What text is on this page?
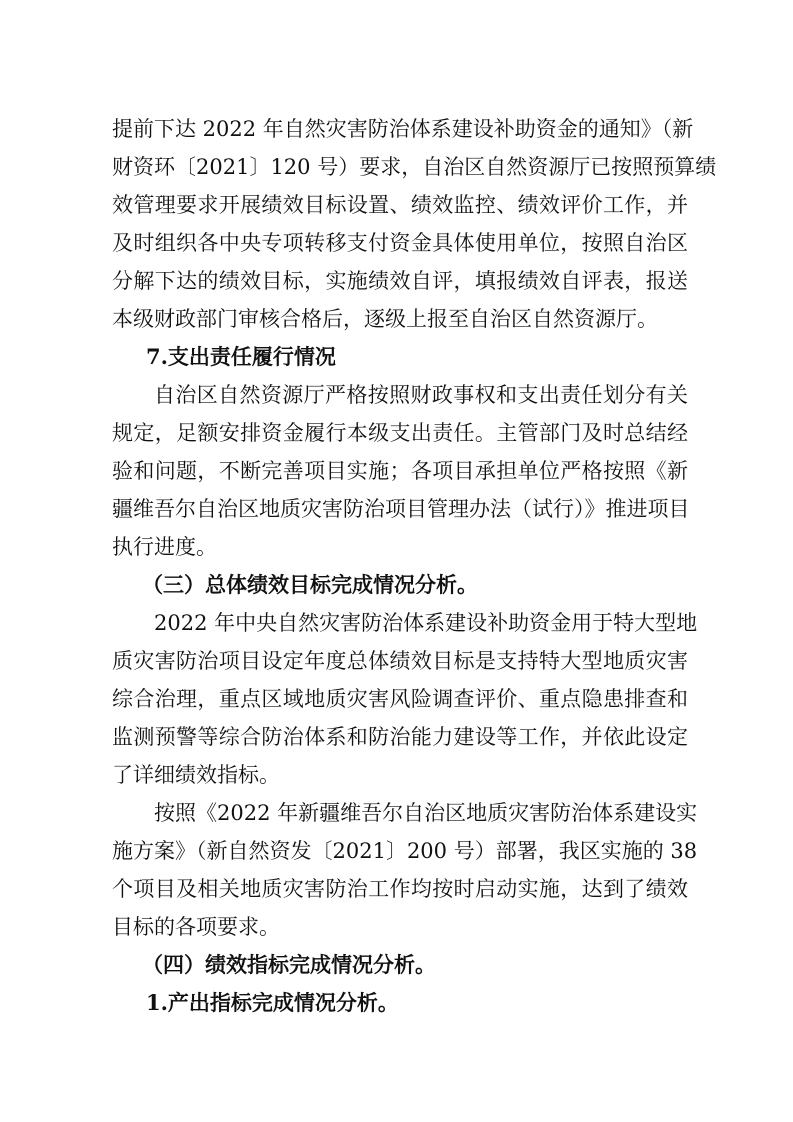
提前下达 2022 年自然灾害防治体系建设补助资金的通知》（新
财资环〔2021〕120 号）要求，自治区自然资源厅已按照预算绩
效管理要求开展绩效目标设置、绩效监控、绩效评价工作，并
及时组织各中央专项转移支付资金具体使用单位，按照自治区
分解下达的绩效目标，实施绩效自评，填报绩效自评表，报送
本级财政部门审核合格后，逐级上报至自治区自然资源厅。
7.支出责任履行情况
自治区自然资源厅严格按照财政事权和支出责任划分有关
规定，足额安排资金履行本级支出责任。主管部门及时总结经
验和问题，不断完善项目实施；各项目承担单位严格按照《新
疆维吾尔自治区地质灾害防治项目管理办法（试行）》推进项目
执行进度。
（三）总体绩效目标完成情况分析。
2022 年中央自然灾害防治体系建设补助资金用于特大型地
质灾害防治项目设定年度总体绩效目标是支持特大型地质灾害
综合治理，重点区域地质灾害风险调查评价、重点隐患排查和
监测预警等综合防治体系和防治能力建设等工作，并依此设定
了详细绩效指标。
按照《2022 年新疆维吾尔自治区地质灾害防治体系建设实
施方案》（新自然资发〔2021〕200 号）部署，我区实施的 38
个项目及相关地质灾害防治工作均按时启动实施，达到了绩效
目标的各项要求。
（四）绩效指标完成情况分析。
1.产出指标完成情况分析。
